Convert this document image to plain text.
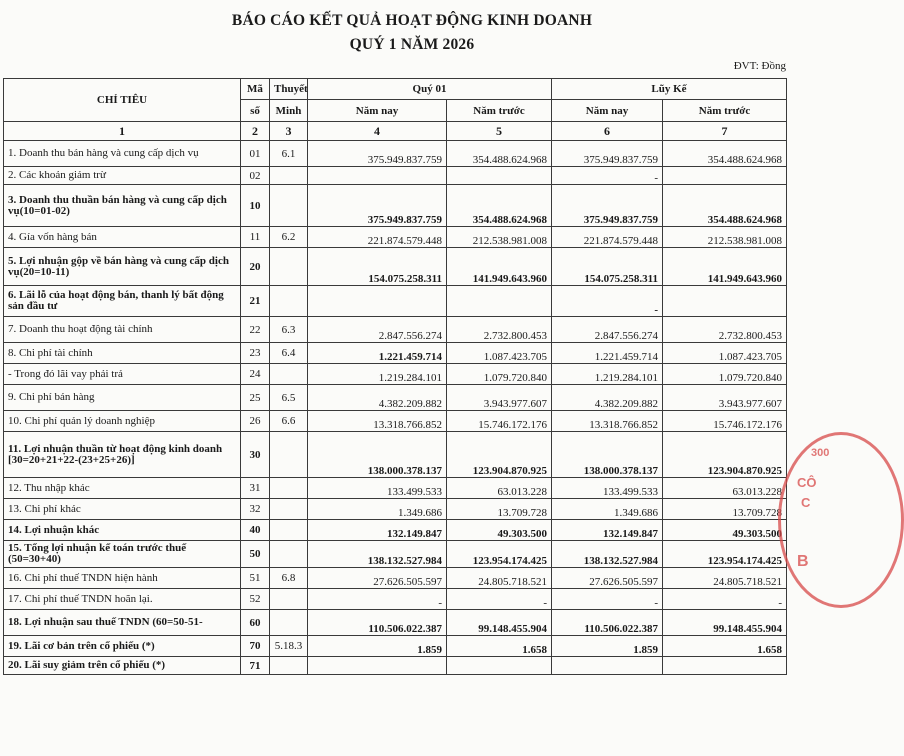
BÁO CÁO KẾT QUẢ HOẠT ĐỘNG KINH DOANH
QUÝ 1 NĂM 2026
ĐVT: Đồng
CHỈ TIÊU	Mã	Thuyết	Quý 01		Lũy Kế	
	số	Minh	Năm nay	Năm trước	Năm nay	Năm trước
1	2	3	4	5	6	7
1. Doanh thu bán hàng và cung cấp dịch vụ	01	6.1	375.949.837.759	354.488.624.968	375.949.837.759	354.488.624.968
2. Các khoản giảm trừ	02				-	
3. Doanh thu thuần bán hàng và cung cấp dịch vụ(10=01-02)	10		375.949.837.759	354.488.624.968	375.949.837.759	354.488.624.968
4. Gía vốn hàng bán	11	6.2	221.874.579.448	212.538.981.008	221.874.579.448	212.538.981.008
5. Lợi nhuận gộp về bán hàng và cung cấp dịch vụ(20=10-11)	20		154.075.258.311	141.949.643.960	154.075.258.311	141.949.643.960
6. Lãi lỗ của hoạt động bán, thanh lý bất động sản đầu tư	21				-	
7. Doanh thu hoạt động tài chính	22	6.3	2.847.556.274	2.732.800.453	2.847.556.274	2.732.800.453
8. Chi phí tài chính	23	6.4	1.221.459.714	1.087.423.705	1.221.459.714	1.087.423.705
- Trong đó lãi vay phải trả	24		1.219.284.101	1.079.720.840	1.219.284.101	1.079.720.840
9. Chi phí bán hàng	25	6.5	4.382.209.882	3.943.977.607	4.382.209.882	3.943.977.607
10. Chi phí quản lý doanh nghiệp	26	6.6	13.318.766.852	15.746.172.176	13.318.766.852	15.746.172.176
11. Lợi nhuận thuần từ hoạt động kinh doanh [30=20+21+22-(23+25+26)]	30		138.000.378.137	123.904.870.925	138.000.378.137	123.904.870.925
12. Thu nhập khác	31		133.499.533	63.013.228	133.499.533	63.013.228
13. Chi phí khác	32		1.349.686	13.709.728	1.349.686	13.709.728
14. Lợi nhuận khác	40		132.149.847	49.303.500	132.149.847	49.303.500
15. Tổng lợi nhuận kế toán trước thuế (50=30+40)	50		138.132.527.984	123.954.174.425	138.132.527.984	123.954.174.425
16. Chi phí thuế TNDN hiện hành	51	6.8	27.626.505.597	24.805.718.521	27.626.505.597	24.805.718.521
17. Chi phí thuế TNDN hoãn lại.	52		-	-	-	-
18. Lợi nhuận sau thuế TNDN (60=50-51-	60		110.506.022.387	99.148.455.904	110.506.022.387	99.148.455.904
19. Lãi cơ bản trên cổ phiếu (*)	70	5.18.3	1.859	1.658	1.859	1.658
20. Lãi suy giảm trên cổ phiếu (*)	71					
300
CÔ
C
B
